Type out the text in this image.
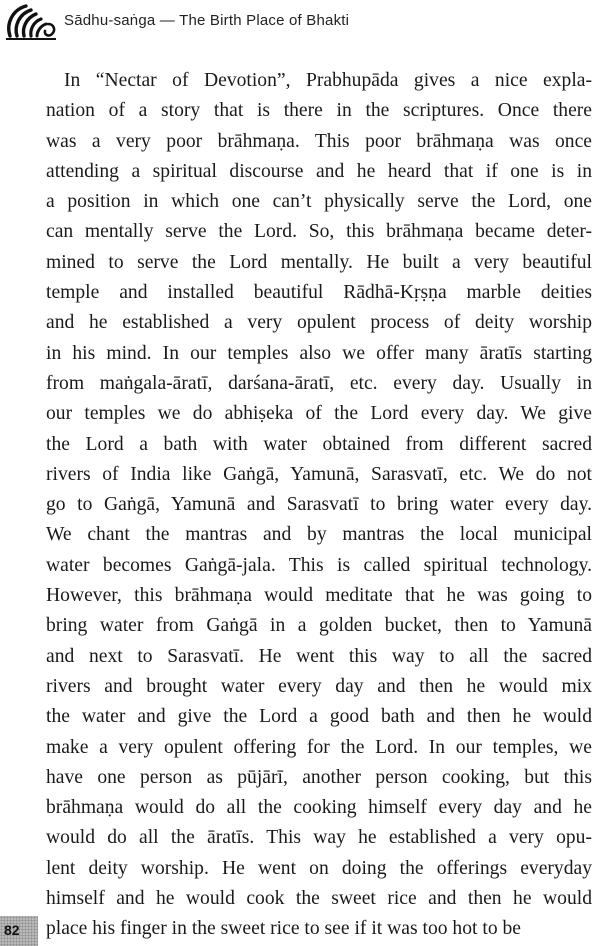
Sādhu-saṅga — The Birth Place of Bhakti
In “Nectar of Devotion”, Prabhupāda gives a nice expla-
nation of a story that is there in the scriptures. Once there
was a very poor brāhmaṇa. This poor brāhmaṇa was once
attending a spiritual discourse and he heard that if one is in
a position in which one can’t physically serve the Lord, one
can mentally serve the Lord. So, this brāhmaṇa became deter-
mined to serve the Lord mentally. He built a very beautiful
temple and installed beautiful Rādhā-Kṛṣṇa marble deities
and he established a very opulent process of deity worship
in his mind. In our temples also we offer many āratīs starting
from maṅgala-āratī, darśana-āratī, etc. every day. Usually in
our temples we do abhiṣeka of the Lord every day. We give
the Lord a bath with water obtained from different sacred
rivers of India like Gaṅgā, Yamunā, Sarasvatī, etc. We do not
go to Gaṅgā, Yamunā and Sarasvatī to bring water every day.
We chant the mantras and by mantras the local municipal
water becomes Gaṅgā-jala. This is called spiritual technology.
However, this brāhmaṇa would meditate that he was going to
bring water from Gaṅgā in a golden bucket, then to Yamunā
and next to Sarasvatī. He went this way to all the sacred
rivers and brought water every day and then he would mix
the water and give the Lord a good bath and then he would
make a very opulent offering for the Lord. In our temples, we
have one person as pūjārī, another person cooking, but this
brāhmaṇa would do all the cooking himself every day and he
would do all the āratīs. This way he established a very opu-
lent deity worship. He went on doing the offerings everyday
himself and he would cook the sweet rice and then he would
place his finger in the sweet rice to see if it was too hot to be
82
